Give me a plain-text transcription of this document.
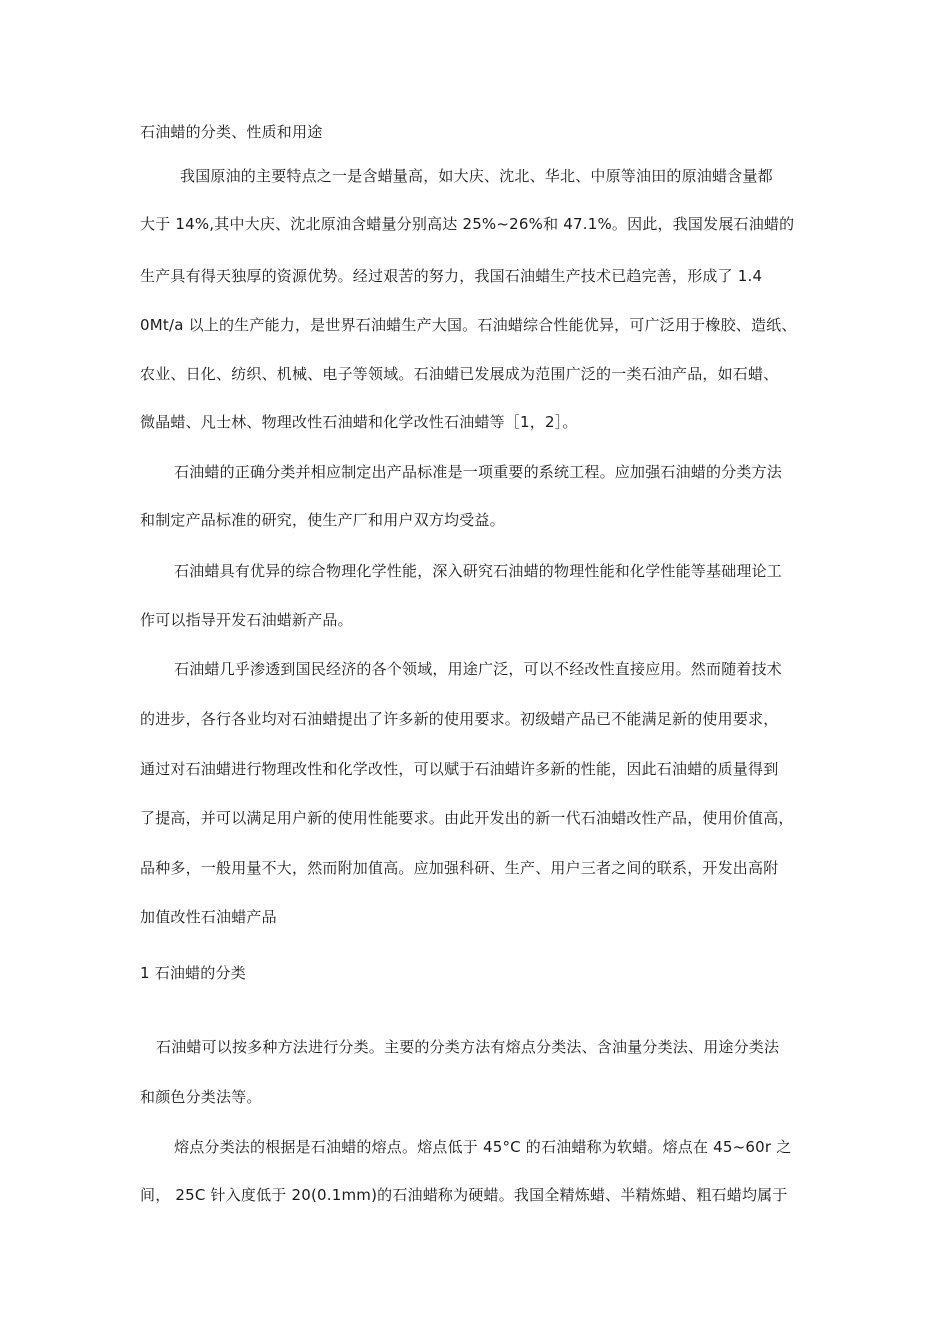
石油蜡的分类、性质和用途
我国原油的主要特点之一是含蜡量高，如大庆、沈北、华北、中原等油田的原油蜡含量都
大于 14%,其中大庆、沈北原油含蜡量分别高达 25%~26%和 47.1%。因此，我国发展石油蜡的
生产具有得天独厚的资源优势。经过艰苦的努力，我国石油蜡生产技术已趋完善，形成了 1.4
0Mt/a 以上的生产能力，是世界石油蜡生产大国。石油蜡综合性能优异，可广泛用于橡胶、造纸、
农业、日化、纺织、机械、电子等领域。石油蜡已发展成为范围广泛的一类石油产品，如石蜡、
微晶蜡、凡士林、物理改性石油蜡和化学改性石油蜡等［1，2］。
石油蜡的正确分类并相应制定出产品标准是一项重要的系统工程。应加强石油蜡的分类方法
和制定产品标准的研究，使生产厂和用户双方均受益。
石油蜡具有优异的综合物理化学性能，深入研究石油蜡的物理性能和化学性能等基础理论工
作可以指导开发石油蜡新产品。
石油蜡几乎渗透到国民经济的各个领域，用途广泛，可以不经改性直接应用。然而随着技术
的进步，各行各业均对石油蜡提出了许多新的使用要求。初级蜡产品已不能满足新的使用要求，
通过对石油蜡进行物理改性和化学改性，可以赋于石油蜡许多新的性能，因此石油蜡的质量得到
了提高，并可以满足用户新的使用性能要求。由此开发出的新一代石油蜡改性产品，使用价值高，
品种多，一般用量不大，然而附加值高。应加强科研、生产、用户三者之间的联系，开发出高附
加值改性石油蜡产品
1 石油蜡的分类
石油蜡可以按多种方法进行分类。主要的分类方法有熔点分类法、含油量分类法、用途分类法
和颜色分类法等。
熔点分类法的根据是石油蜡的熔点。熔点低于 45°C 的石油蜡称为软蜡。熔点在 45~60r 之
间， 25C 针入度低于 20(0.1mm)的石油蜡称为硬蜡。我国全精炼蜡、半精炼蜡、粗石蜡均属于
